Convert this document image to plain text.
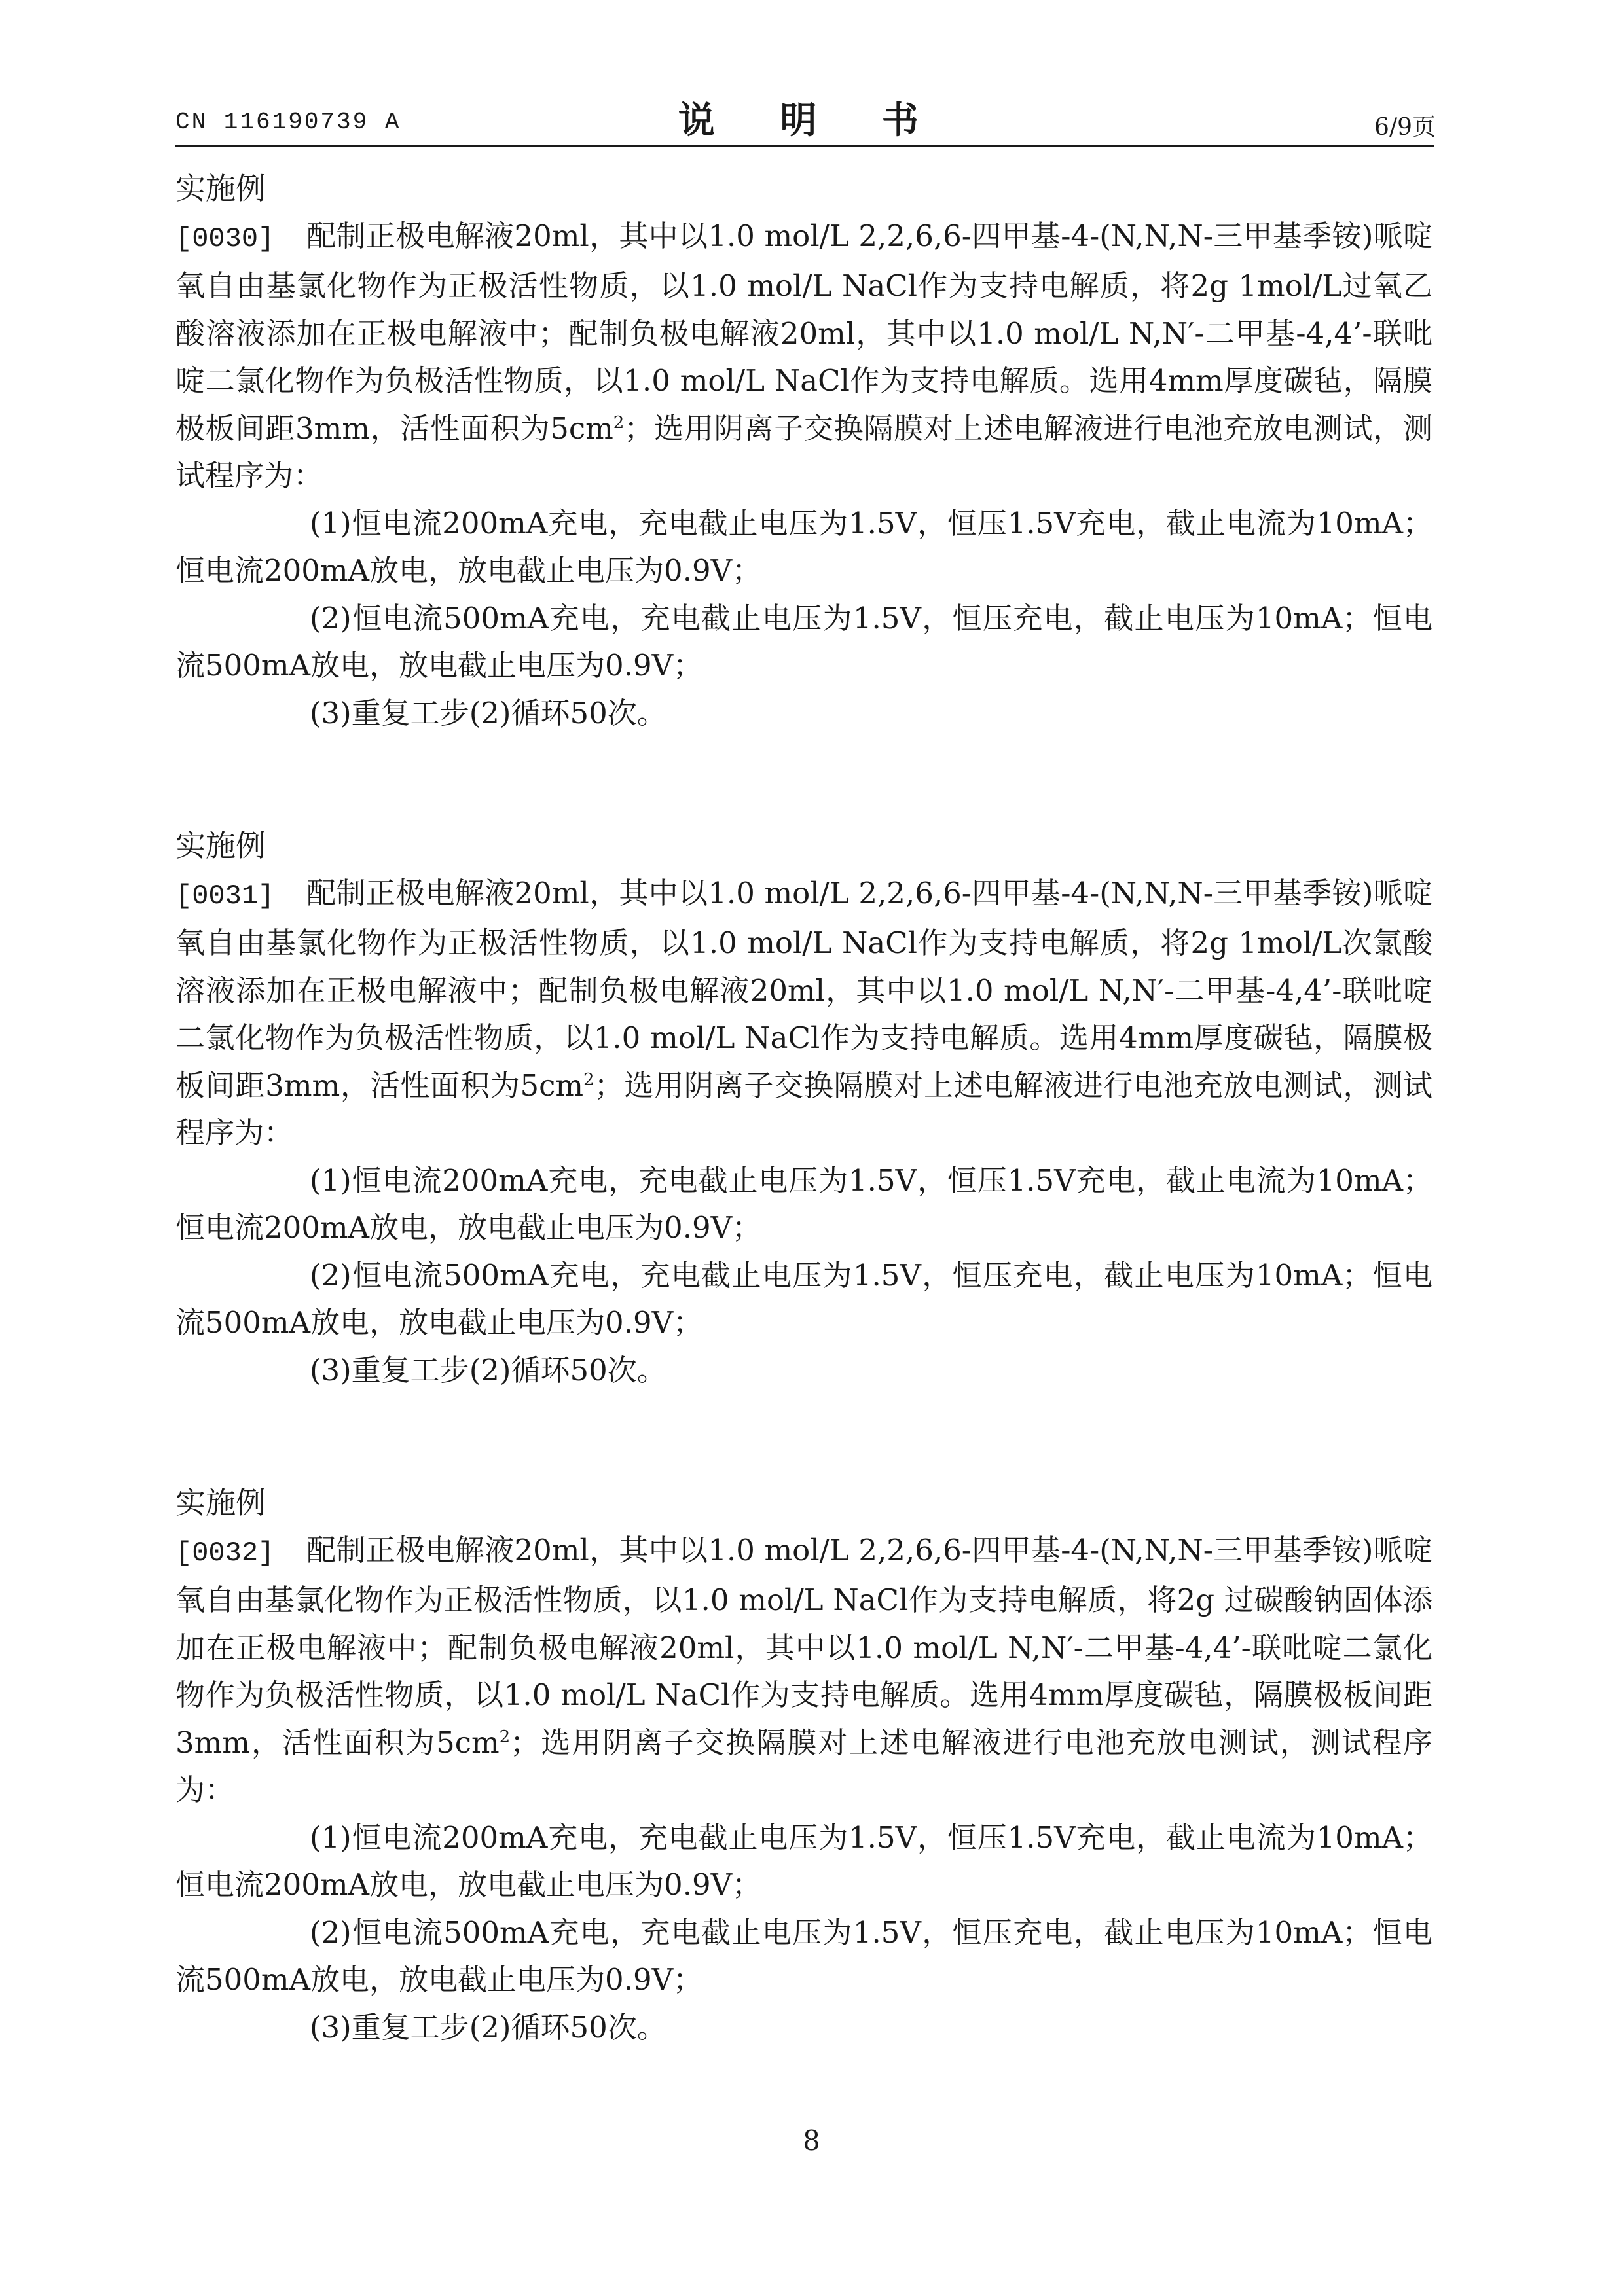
CN 116190739 A	说 明 书	6/9页
实施例

[0030] 配制正极电解液20ml，其中以1.0 mol/L 2,2,6,6-四甲基-4-(N,N,N-三甲基季铵)哌啶氧自由基氯化物作为正极活性物质，以1.0 mol/L NaCl作为支持电解质，将2g 1mol/L过氧乙酸溶液添加在正极电解液中；配制负极电解液20ml，其中以1.0 mol/L N,N′-二甲基-4,4’-联吡啶二氯化物作为负极活性物质，以1.0 mol/L NaCl作为支持电解质。选用4mm厚度碳毡，隔膜极板间距3mm，活性面积为$5cm^2$；选用阴离子交换隔膜对上述电解液进行电池充放电测试，测试程序为：

(1)恒电流200mA充电，充电截止电压为1.5V，恒压1.5V充电，截止电流为10mA；恒电流200mA放电，放电截止电压为0.9V；

(2)恒电流500mA充电，充电截止电压为1.5V，恒压充电，截止电压为10mA；恒电流500mA放电，放电截止电压为0.9V；

(3)重复工步(2)循环50次。

实施例

[0031] 配制正极电解液20ml，其中以1.0 mol/L 2,2,6,6-四甲基-4-(N,N,N-三甲基季铵)哌啶氧自由基氯化物作为正极活性物质，以1.0 mol/L NaCl作为支持电解质，将2g 1mol/L次氯酸溶液添加在正极电解液中；配制负极电解液20ml，其中以1.0 mol/L N,N′-二甲基-4,4’-联吡啶二氯化物作为负极活性物质，以1.0 mol/L NaCl作为支持电解质。选用4mm厚度碳毡，隔膜极板间距3mm，活性面积为$5cm^2$；选用阴离子交换隔膜对上述电解液进行电池充放电测试，测试程序为：

(1)恒电流200mA充电，充电截止电压为1.5V，恒压1.5V充电，截止电流为10mA；恒电流200mA放电，放电截止电压为0.9V；

(2)恒电流500mA充电，充电截止电压为1.5V，恒压充电，截止电压为10mA；恒电流500mA放电，放电截止电压为0.9V；

(3)重复工步(2)循环50次。

实施例

[0032] 配制正极电解液20ml，其中以1.0 mol/L 2,2,6,6-四甲基-4-(N,N,N-三甲基季铵)哌啶氧自由基氯化物作为正极活性物质，以1.0 mol/L NaCl作为支持电解质，将2g 过碳酸钠固体添加在正极电解液中；配制负极电解液20ml，其中以1.0 mol/L N,N′-二甲基-4,4’-联吡啶二氯化物作为负极活性物质，以1.0 mol/L NaCl作为支持电解质。选用4mm厚度碳毡，隔膜极板间距3mm，活性面积为$5cm^2$；选用阴离子交换隔膜对上述电解液进行电池充放电测试，测试程序为：

(1)恒电流200mA充电，充电截止电压为1.5V，恒压1.5V充电，截止电流为10mA；恒电流200mA放电，放电截止电压为0.9V；

(2)恒电流500mA充电，充电截止电压为1.5V，恒压充电，截止电压为10mA；恒电流500mA放电，放电截止电压为0.9V；

(3)重复工步(2)循环50次。

8
